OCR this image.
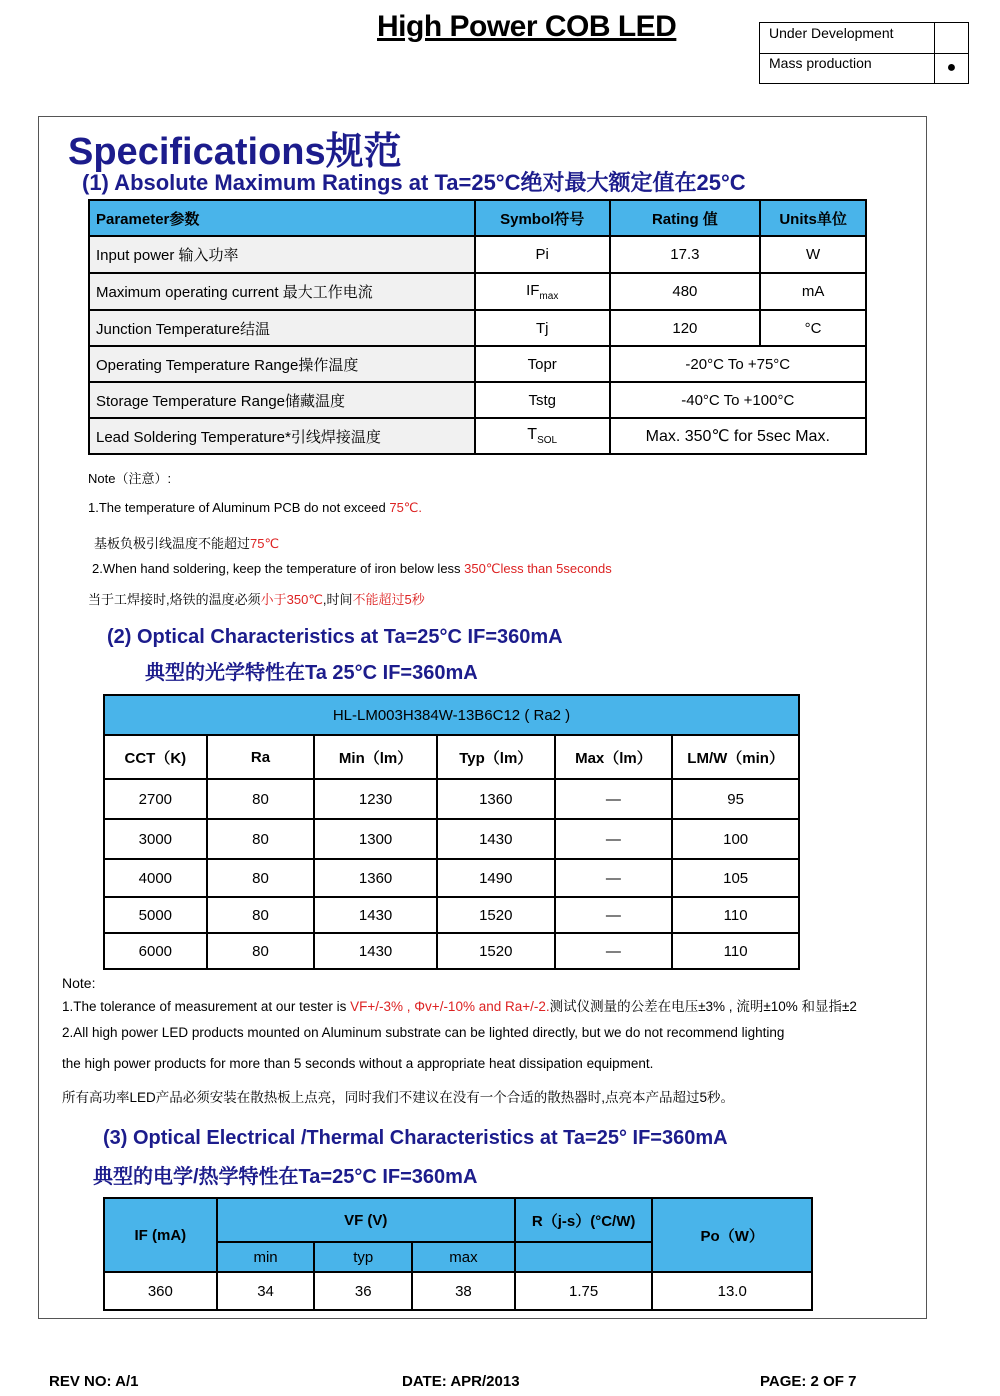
High Power COB LED	Under Development
Mass production	●
Specifications规范
(1) Absolute Maximum Ratings at Ta=25°C绝对最大额定值在25°C
Parameter参数	Symbol符号	Rating 值	Units单位
Input power 输入功率	Pi	17.3	W
Maximum operating current 最大工作电流	$IF_{max}$	480	mA
Junction Temperature结温	Tj	120	°C
Operating Temperature Range操作温度	Topr	-20°C To +75°C	
Storage Temperature Range储藏温度	Tstg	-40°C To +100°C	
Lead Soldering Temperature*引线焊接温度	$T_{SOL}$	Max. 350℃ for 5sec Max.	
Note（注意）:
1.The temperature of Aluminum PCB do not exceed 75℃.
基板负极引线温度不能超过75℃
2.When hand soldering, keep the temperature of iron below less 350℃less than 5seconds
当于工焊接时,烙铁的温度必须小于350℃,时间不能超过5秒
(2) Optical Characteristics at Ta=25°C IF=360mA
典型的光学特性在Ta 25°C IF=360mA
HL-LM003H384W-13B6C12 ( Ra2 )					
CCT（K)	Ra	Min（lm）	Typ（lm）	Max（lm）	LM/W（min）
2700	80	1230	1360	—	95
3000	80	1300	1430	—	100
4000	80	1360	1490	—	105
5000	80	1430	1520	—	110
6000	80	1430	1520	—	110
Note:
1.The tolerance of measurement at our tester is VF+/-3% , Φv+/-10% and Ra+/-2.测试仪测量的公差在电压±3% , 流明±10% 和显指±2
2.All high power LED products mounted on Aluminum substrate can be lighted directly, but we do not recommend lighting
the high power products for more than 5 seconds without a appropriate heat dissipation equipment.
所有高功率LED产品必须安装在散热板上点亮，同时我们不建议在没有一个合适的散热器时,点亮本产品超过5秒。
(3) Optical Electrical /Thermal Characteristics at Ta=25° IF=360mA
典型的电学/热学特性在Ta=25°C IF=360mA
IF (mA)	VF (V)			R（j-s）(°C/W)	Po（W）
	min	typ	max		
360	34	36	38	1.75	13.0
REV NO: A/1	DATE: APR/2013	PAGE: 2 OF 7
